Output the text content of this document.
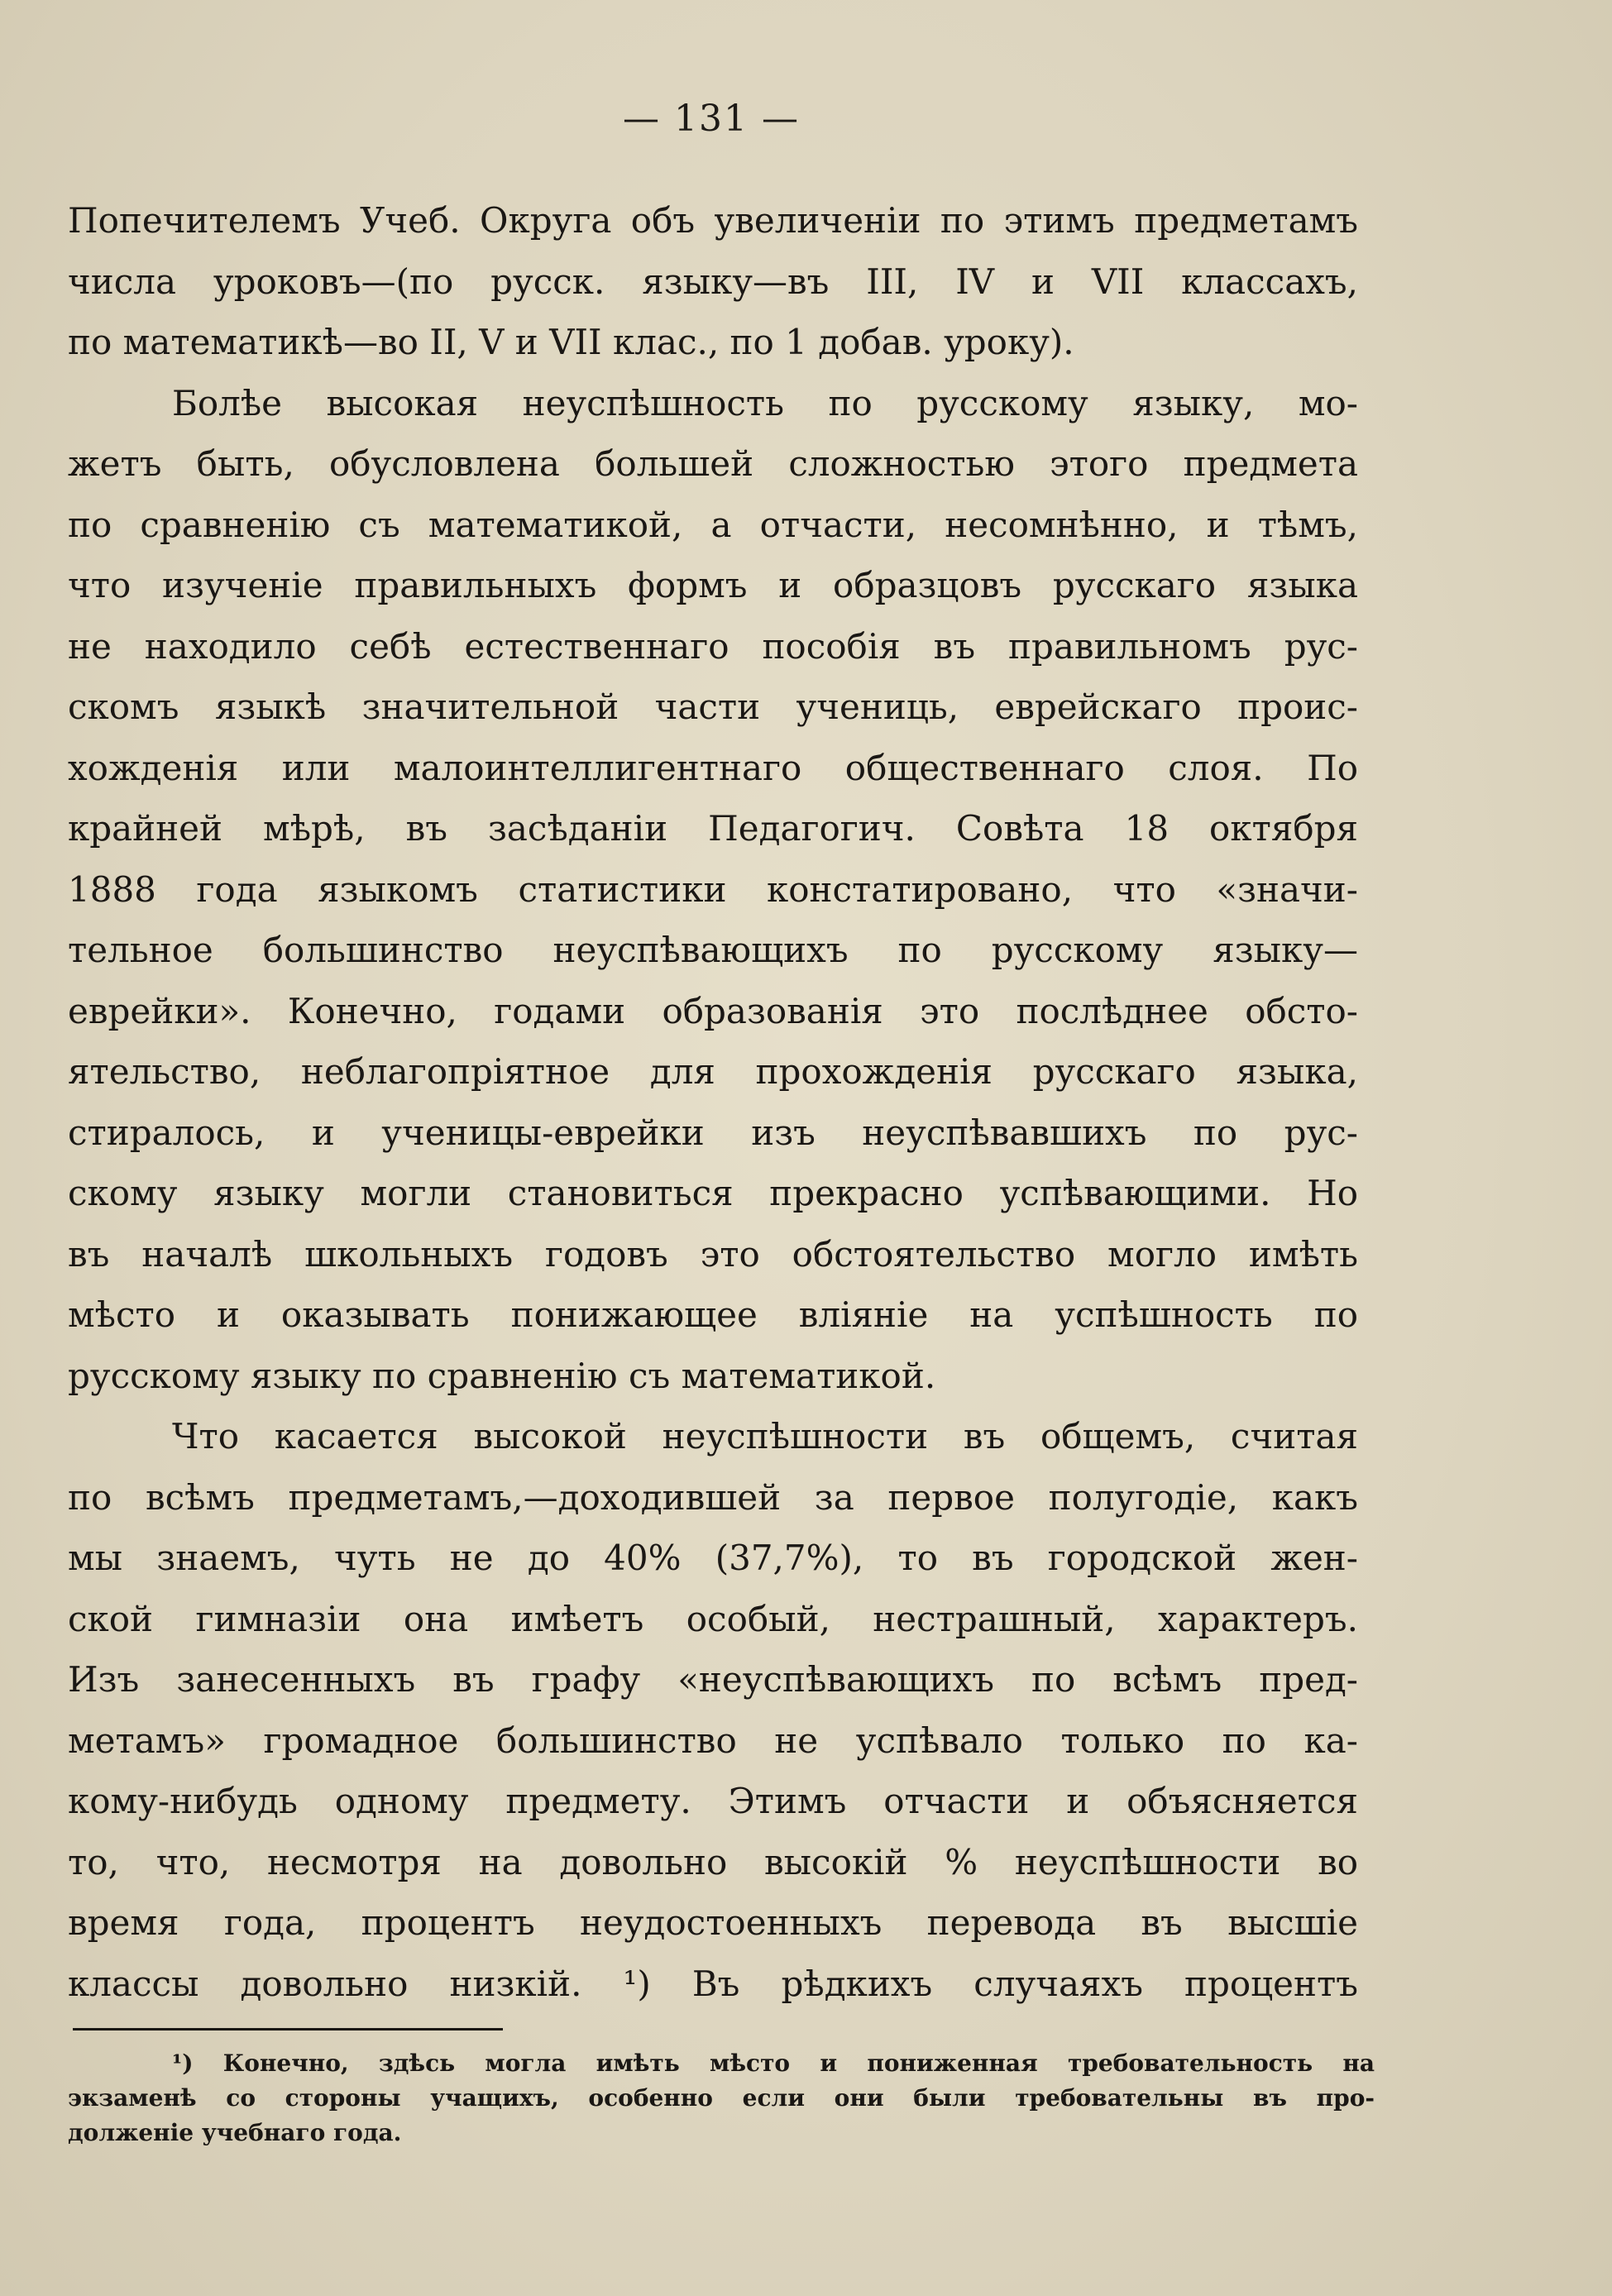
— 131 —
Попечителемъ Учеб. Округа объ увеличенiи по этимъ предметамъ
числа уроковъ—(по русск. языку—въ III, IV и VII классахъ,
по математикѣ—во II, V и VII клас., по 1 добав. уроку).
Болѣе высокая неуспѣшность по русскому языку, мо-
жетъ быть, обусловлена большей сложностью этого предмета
по сравненiю съ математикой, а отчасти, несомнѣнно, и тѣмъ,
что изученiе правильныхъ формъ и образцовъ русскаго языка
не находило себѣ естественнаго пособiя въ правильномъ рус-
скомъ языкѣ значительной части учениць, еврейскаго проис-
хожденiя или малоинтеллигентнаго общественнаго слоя. По
крайней мѣрѣ, въ засѣданiи Педагогич. Совѣта 18 октября
1888 года языкомъ статистики констатировано, что «значи-
тельное большинство неуспѣвающихъ по русскому языку—
еврейки». Конечно, годами образованiя это послѣднее обсто-
ятельство, неблагопрiятное для прохожденiя русскаго языка,
стиралось, и ученицы-еврейки изъ неуспѣвавшихъ по рус-
скому языку могли становиться прекрасно успѣвающими. Но
въ началѣ школьныхъ годовъ это обстоятельство могло имѣть
мѣсто и оказывать понижающее влiянiе на успѣшность по
русскому языку по сравненiю съ математикой.
Что касается высокой неуспѣшности въ общемъ, считая
по всѣмъ предметамъ,—доходившей за первое полугодiе, какъ
мы знаемъ, чуть не до 40% (37,7%), то въ городской жен-
ской гимназiи она имѣетъ особый, нестрашный, характеръ.
Изъ занесенныхъ въ графу «неуспѣвающихъ по всѣмъ пред-
метамъ» громадное большинство не успѣвало только по ка-
кому-нибудь одному предмету. Этимъ отчасти и объясняется
то, что, несмотря на довольно высокiй % неуспѣшности во
время года, процентъ неудостоенныхъ перевода въ высшiе
классы довольно низкiй. ¹) Въ рѣдкихъ случаяхъ процентъ
¹) Конечно, здѣсь могла имѣть мѣсто и пониженная требовательность на
экзаменѣ со стороны учащихъ, особенно если они были требовательны въ про-
долженiе учебнаго года.
